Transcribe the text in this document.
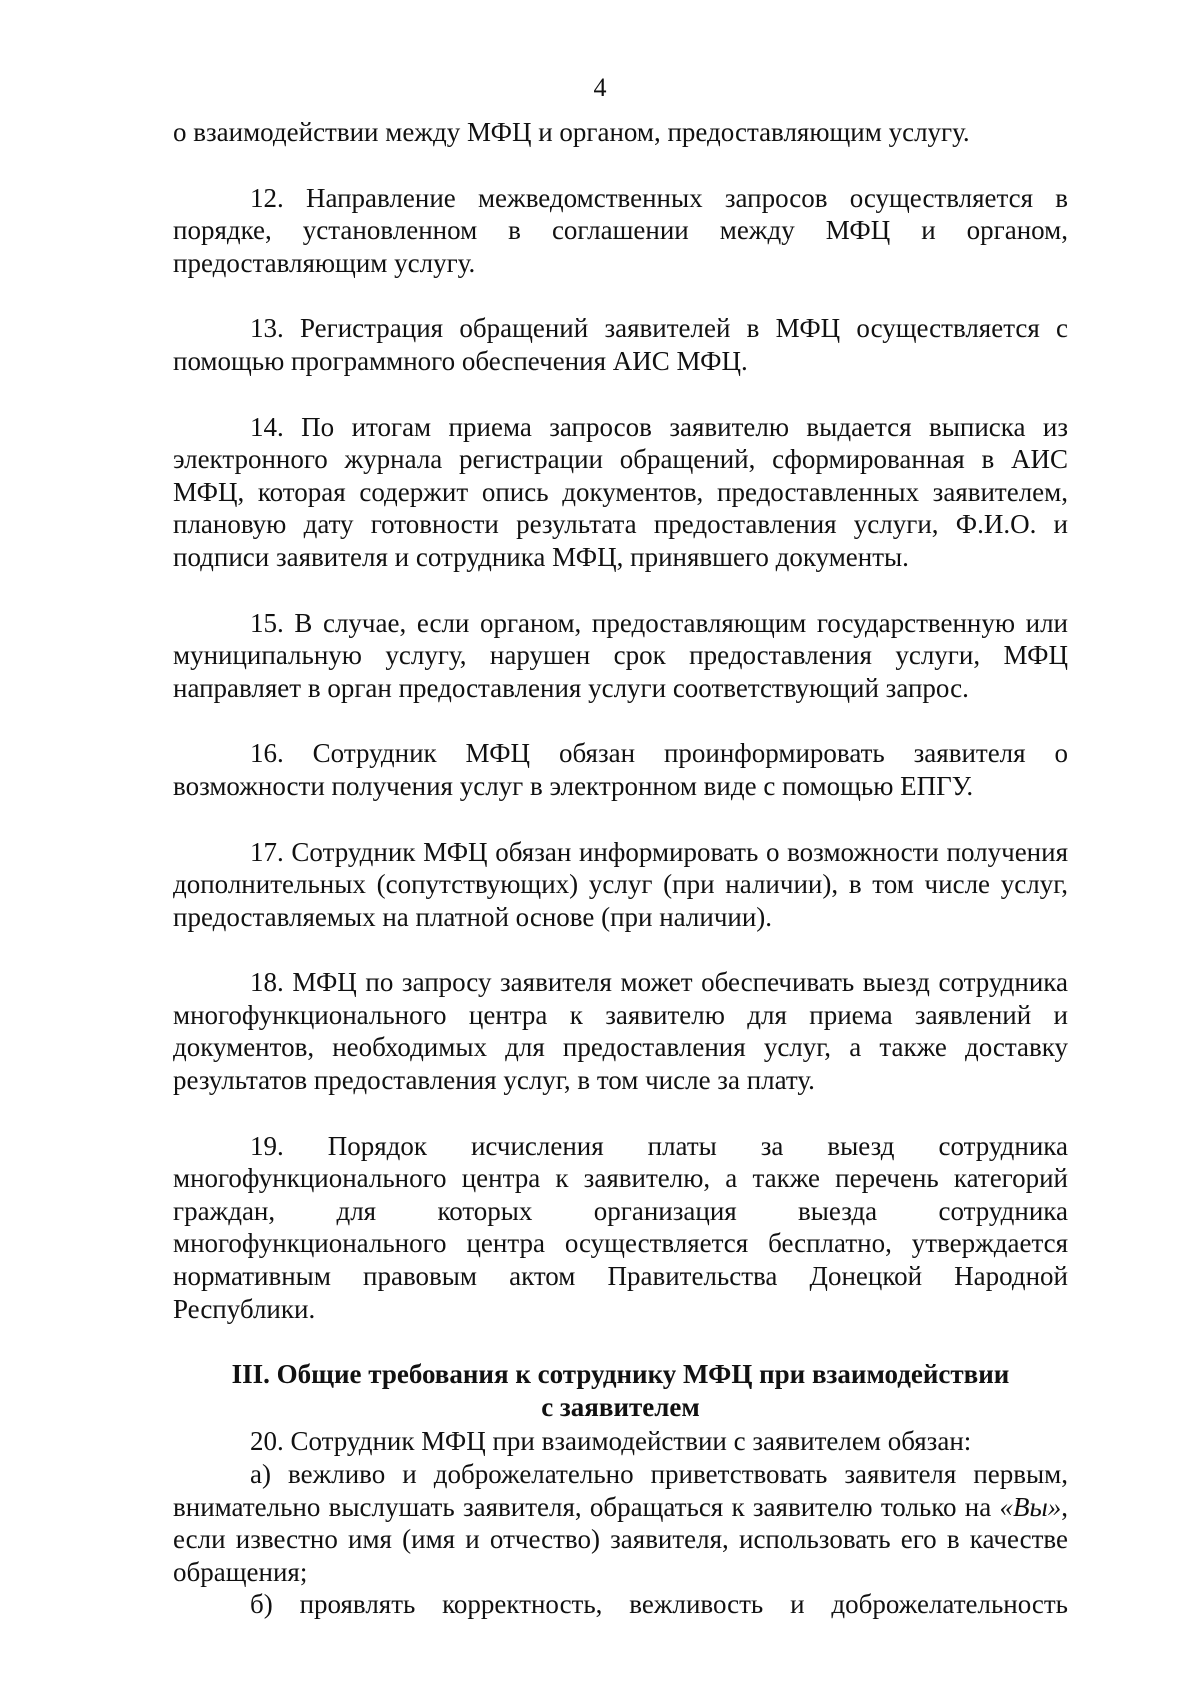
4

о взаимодействии между МФЦ и органом, предоставляющим услугу.

12. Направление межведомственных запросов осуществляется в порядке, установленном в соглашении между МФЦ и органом, предоставляющим услугу.

13. Регистрация обращений заявителей в МФЦ осуществляется с помощью программного обеспечения АИС МФЦ.

14. По итогам приема запросов заявителю выдается выписка из электронного журнала регистрации обращений, сформированная в АИС МФЦ, которая содержит опись документов, предоставленных заявителем, плановую дату готовности результата предоставления услуги, Ф.И.О. и подписи заявителя и сотрудника МФЦ, принявшего документы.

15. В случае, если органом, предоставляющим государственную или муниципальную услугу, нарушен срок предоставления услуги, МФЦ направляет в орган предоставления услуги соответствующий запрос.

16. Сотрудник МФЦ обязан проинформировать заявителя о возможности получения услуг в электронном виде с помощью ЕПГУ.

17. Сотрудник МФЦ обязан информировать о возможности получения дополнительных (сопутствующих) услуг (при наличии), в том числе услуг, предоставляемых на платной основе (при наличии).

18. МФЦ по запросу заявителя может обеспечивать выезд сотрудника многофункционального центра к заявителю для приема заявлений и документов, необходимых для предоставления услуг, а также доставку результатов предоставления услуг, в том числе за плату.

19. Порядок исчисления платы за выезд сотрудника многофункционального центра к заявителю, а также перечень категорий граждан, для которых организация выезда сотрудника многофункционального центра осуществляется бесплатно, утверждается нормативным правовым актом Правительства Донецкой Народной Республики.

III. Общие требования к сотруднику МФЦ при взаимодействии
с заявителем

20. Сотрудник МФЦ при взаимодействии с заявителем обязан:

а) вежливо и доброжелательно приветствовать заявителя первым, внимательно выслушать заявителя, обращаться к заявителю только на «Вы», если известно имя (имя и отчество) заявителя, использовать его в качестве обращения;

б) проявлять корректность, вежливость и доброжелательность
